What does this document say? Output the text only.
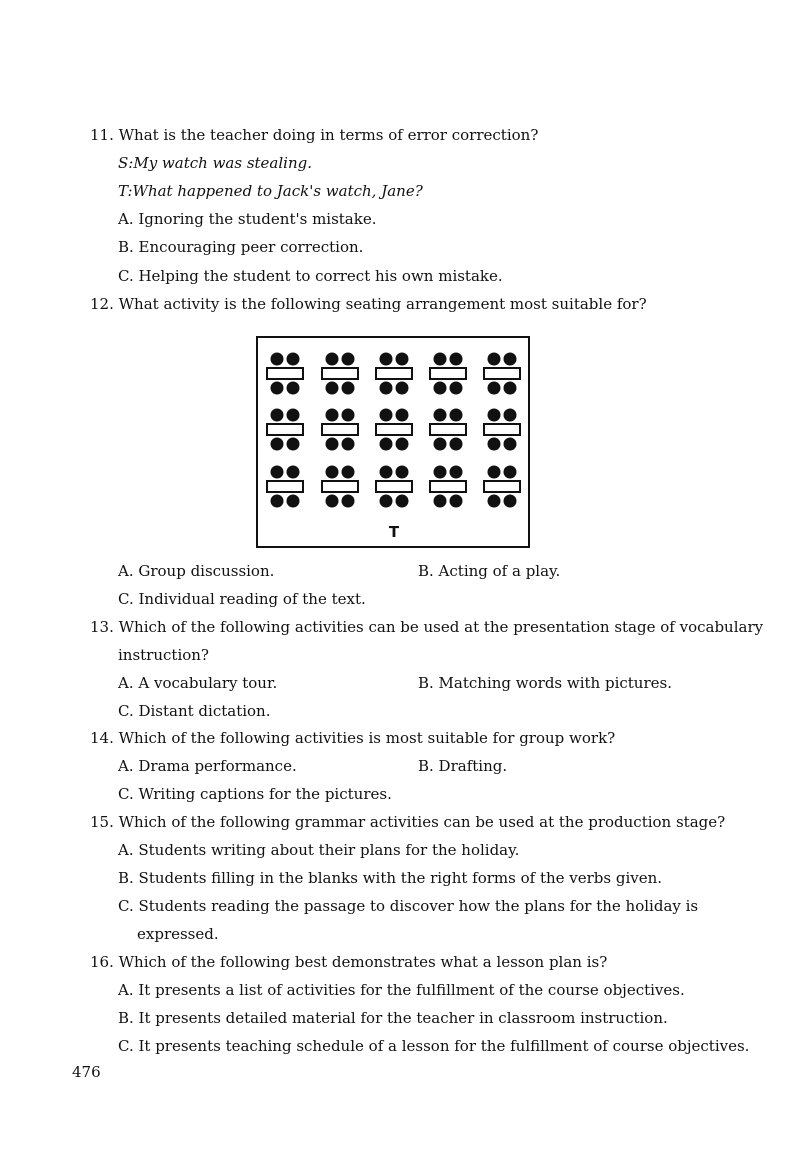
11. What is the teacher doing in terms of error correction?
S:My watch was stealing.
T:What happened to Jack's watch, Jane?
A. Ignoring the student's mistake.
B. Encouraging peer correction.
C. Helping the student to correct his own mistake.
12. What activity is the following seating arrangement most suitable for?
T
A. Group discussion.	B. Acting of a play.
C. Individual reading of the text.
13. Which of the following activities can be used at the presentation stage of vocabulary
instruction?
A. A vocabulary tour.	B. Matching words with pictures.
C. Distant dictation.
14. Which of the following activities is most suitable for group work?
A. Drama performance.	B. Drafting.
C. Writing captions for the pictures.
15. Which of the following grammar activities can be used at the production stage?
A. Students writing about their plans for the holiday.
B. Students filling in the blanks with the right forms of the verbs given.
C. Students reading the passage to discover how the plans for the holiday is
expressed.
16. Which of the following best demonstrates what a lesson plan is?
A. It presents a list of activities for the fulfillment of the course objectives.
B. It presents detailed material for the teacher in classroom instruction.
C. It presents teaching schedule of a lesson for the fulfillment of course objectives.
476
